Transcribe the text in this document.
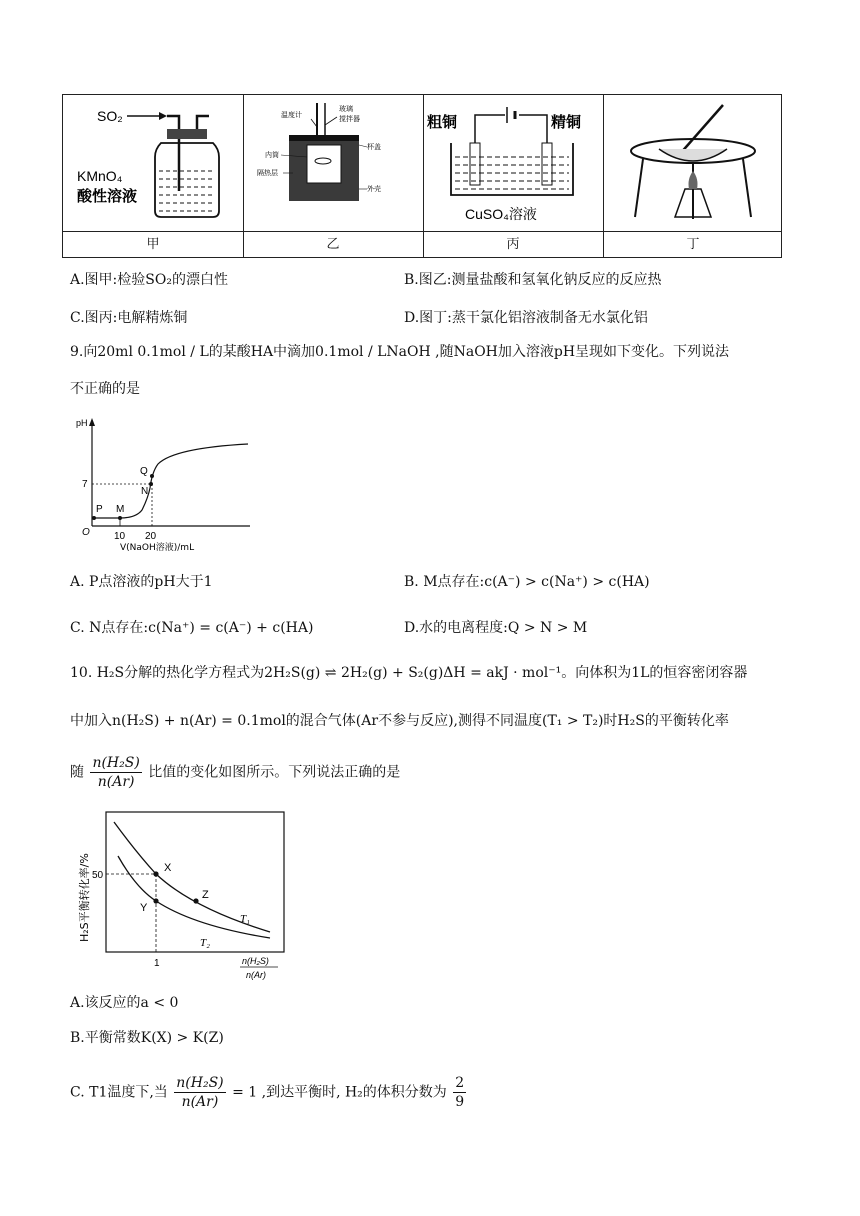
SO₂
KMnO₄
酸性溶液
温度计
玻璃
搅拌器
杯盖
内筒
隔热层
外壳
粗铜	精铜
CuSO₄溶液
甲	乙	丙	丁
A.图甲:检验SO₂的漂白性	B.图乙:测量盐酸和氢氧化钠反应的反应热
C.图丙:电解精炼铜	D.图丁:蒸干氯化铝溶液制备无水氯化铝
9.向20ml 0.1mol / L的某酸HA中滴加0.1mol / LNaOH ,随NaOH加入溶液pH呈现如下变化。下列说法
不正确的是
pH
O
7
10 20
V(NaOH溶液)/mL
P M
N
Q
A. P点溶液的pH大于1	B. M点存在:c(A⁻) > c(Na⁺) > c(HA)
C. N点存在:c(Na⁺) = c(A⁻) + c(HA)	D.水的电离程度:Q > N > M
10. H₂S分解的热化学方程式为2H₂S(g) ⇌ 2H₂(g) + S₂(g)ΔH = akJ · mol⁻¹。向体积为1L的恒容密闭容器
中加入n(H₂S) + n(Ar) = 0.1mol的混合气体(Ar不参与反应),测得不同温度(T₁ > T₂)时H₂S的平衡转化率
随 $\frac{\text{n(H₂S)}}{n(Ar)}$ 比值的变化如图所示。下列说法正确的是
H₂S平衡转化率/% 50
1	n(H₂S)
n(Ar)
X
Y
Z
T₁
T₂
A.该反应的a < 0
B.平衡常数K(X) > K(Z)
C. T1温度下,当 $\frac{\text{n(H₂S)}}{n(Ar)} = 1$ ,到达平衡时, H₂的体积分数为 $\frac{2}{9}$
